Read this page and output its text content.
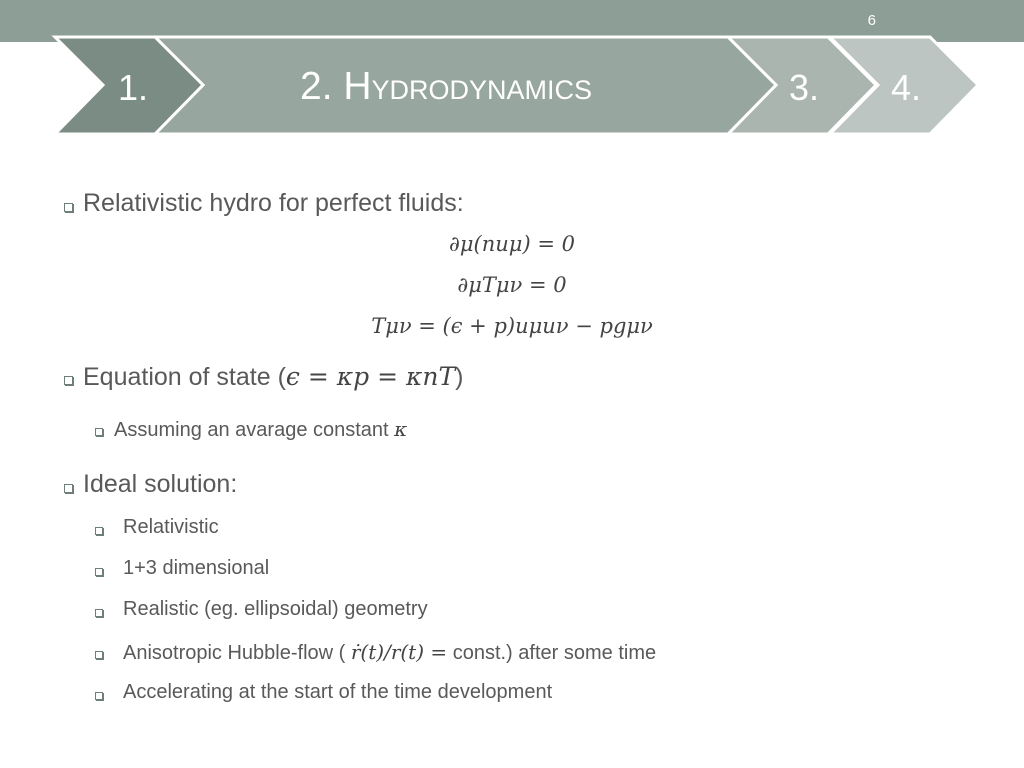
6
1.	2. Hydrodynamics	3. 4.
Relativistic hydro for perfect fluids:
∂μ(nuμ) = 0
∂μTμν = 0
Tμν = (ϵ + p)uμuν − pgμν
Equation of state (ϵ = κp = κnT)
Assuming an avarage constant κ
Ideal solution:
Relativistic
1+3 dimensional
Realistic (eg. ellipsoidal) geometry
Anisotropic Hubble-flow ( ṙ(t)/r(t) = const.) after some time
Accelerating at the start of the time development
